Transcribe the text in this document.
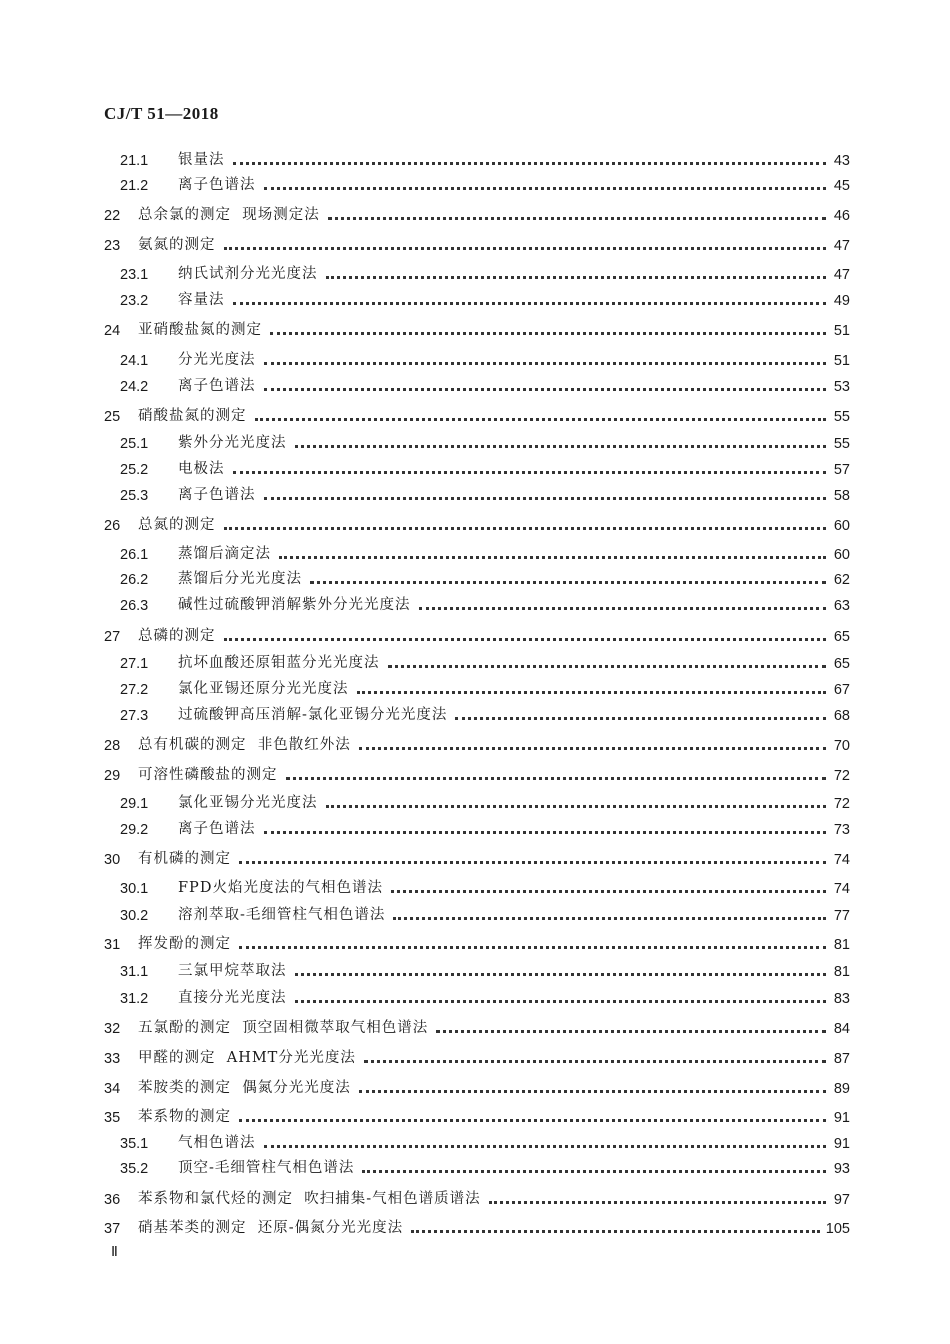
CJ/T 51—2018
21.1	银量法	43
21.2	离子色谱法	45
22	总余氯的测定  现场测定法	46
23	氨氮的测定	47
23.1	纳氏试剂分光光度法	47
23.2	容量法	49
24	亚硝酸盐氮的测定	51
24.1	分光光度法	51
24.2	离子色谱法	53
25	硝酸盐氮的测定	55
25.1	紫外分光光度法	55
25.2	电极法	57
25.3	离子色谱法	58
26	总氮的测定	60
26.1	蒸馏后滴定法	60
26.2	蒸馏后分光光度法	62
26.3	碱性过硫酸钾消解紫外分光光度法	63
27	总磷的测定	65
27.1	抗坏血酸还原钼蓝分光光度法	65
27.2	氯化亚锡还原分光光度法	67
27.3	过硫酸钾高压消解-氯化亚锡分光光度法	68
28	总有机碳的测定  非色散红外法	70
29	可溶性磷酸盐的测定	72
29.1	氯化亚锡分光光度法	72
29.2	离子色谱法	73
30	有机磷的测定	74
30.1	FPD火焰光度法的气相色谱法	74
30.2	溶剂萃取-毛细管柱气相色谱法	77
31	挥发酚的测定	81
31.1	三氯甲烷萃取法	81
31.2	直接分光光度法	83
32	五氯酚的测定  顶空固相微萃取气相色谱法	84
33	甲醛的测定  AHMT分光光度法	87
34	苯胺类的测定  偶氮分光光度法	89
35	苯系物的测定	91
35.1	气相色谱法	91
35.2	顶空-毛细管柱气相色谱法	93
36	苯系物和氯代烃的测定  吹扫捕集-气相色谱质谱法	97
37	硝基苯类的测定  还原-偶氮分光光度法	105
Ⅱ
